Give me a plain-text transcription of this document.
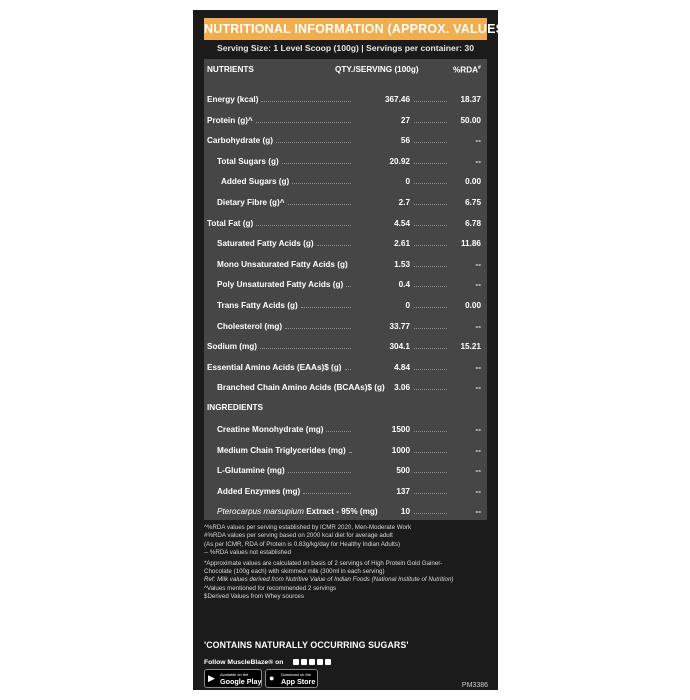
NUTRITIONAL INFORMATION (APPROX. VALUES):
Serving Size: 1 Level Scoop (100g) | Servings per container: 30
NUTRIENTS	QTY./SERVING (100g)	%RDA#
Energy (kcal)	367.46	18.37
Protein (g)^	27	50.00
Carbohydrate (g)	56	--
Total Sugars (g)	20.92	--
Added Sugars (g)	0	0.00
Dietary Fibre (g)^	2.7	6.75
Total Fat (g)	4.54	6.78
Saturated Fatty Acids (g)	2.61	11.86
Mono Unsaturated Fatty Acids (g)	1.53	--
Poly Unsaturated Fatty Acids (g)	0.4	--
Trans Fatty Acids (g)	0	0.00
Cholesterol (mg)	33.77	--
Sodium (mg)	304.1	15.21
Essential Amino Acids (EAAs)$ (g)	4.84	--
Branched Chain Amino Acids (BCAAs)$ (g)	3.06	--
INGREDIENTS
Creatine Monohydrate (mg)	1500	--
Medium Chain Triglycerides (mg)	1000	--
L-Glutamine (mg)	500	--
Added Enzymes (mg)	137	--
Pterocarpus marsupium Extract - 95% (mg)	10	--
^%RDA values per serving established by ICMR 2020, Men-Moderate Work
#%RDA values per serving based on 2000 kcal diet for average adult
(As per ICMR, RDA of Protein is 0.83g/kg/day for Healthy Indian Adults)
-- %RDA values not established
*Approximate values are calculated on basis of 2 servings of High Protein Gold Gainer-
Chocolate (100g each) with skimmed milk (300ml in each serving)
Ref: Milk values derived from Nutritive Value of Indian Foods (National Institute of Nutrition)
^Values mentioned for recommended 2 servings
$Derived Values from Whey sources
'CONTAINS NATURALLY OCCURRING SUGARS'
Follow MuscleBlaze® on
▶	Available on the
Google Play ●	Download on the
App Store	PM3386
